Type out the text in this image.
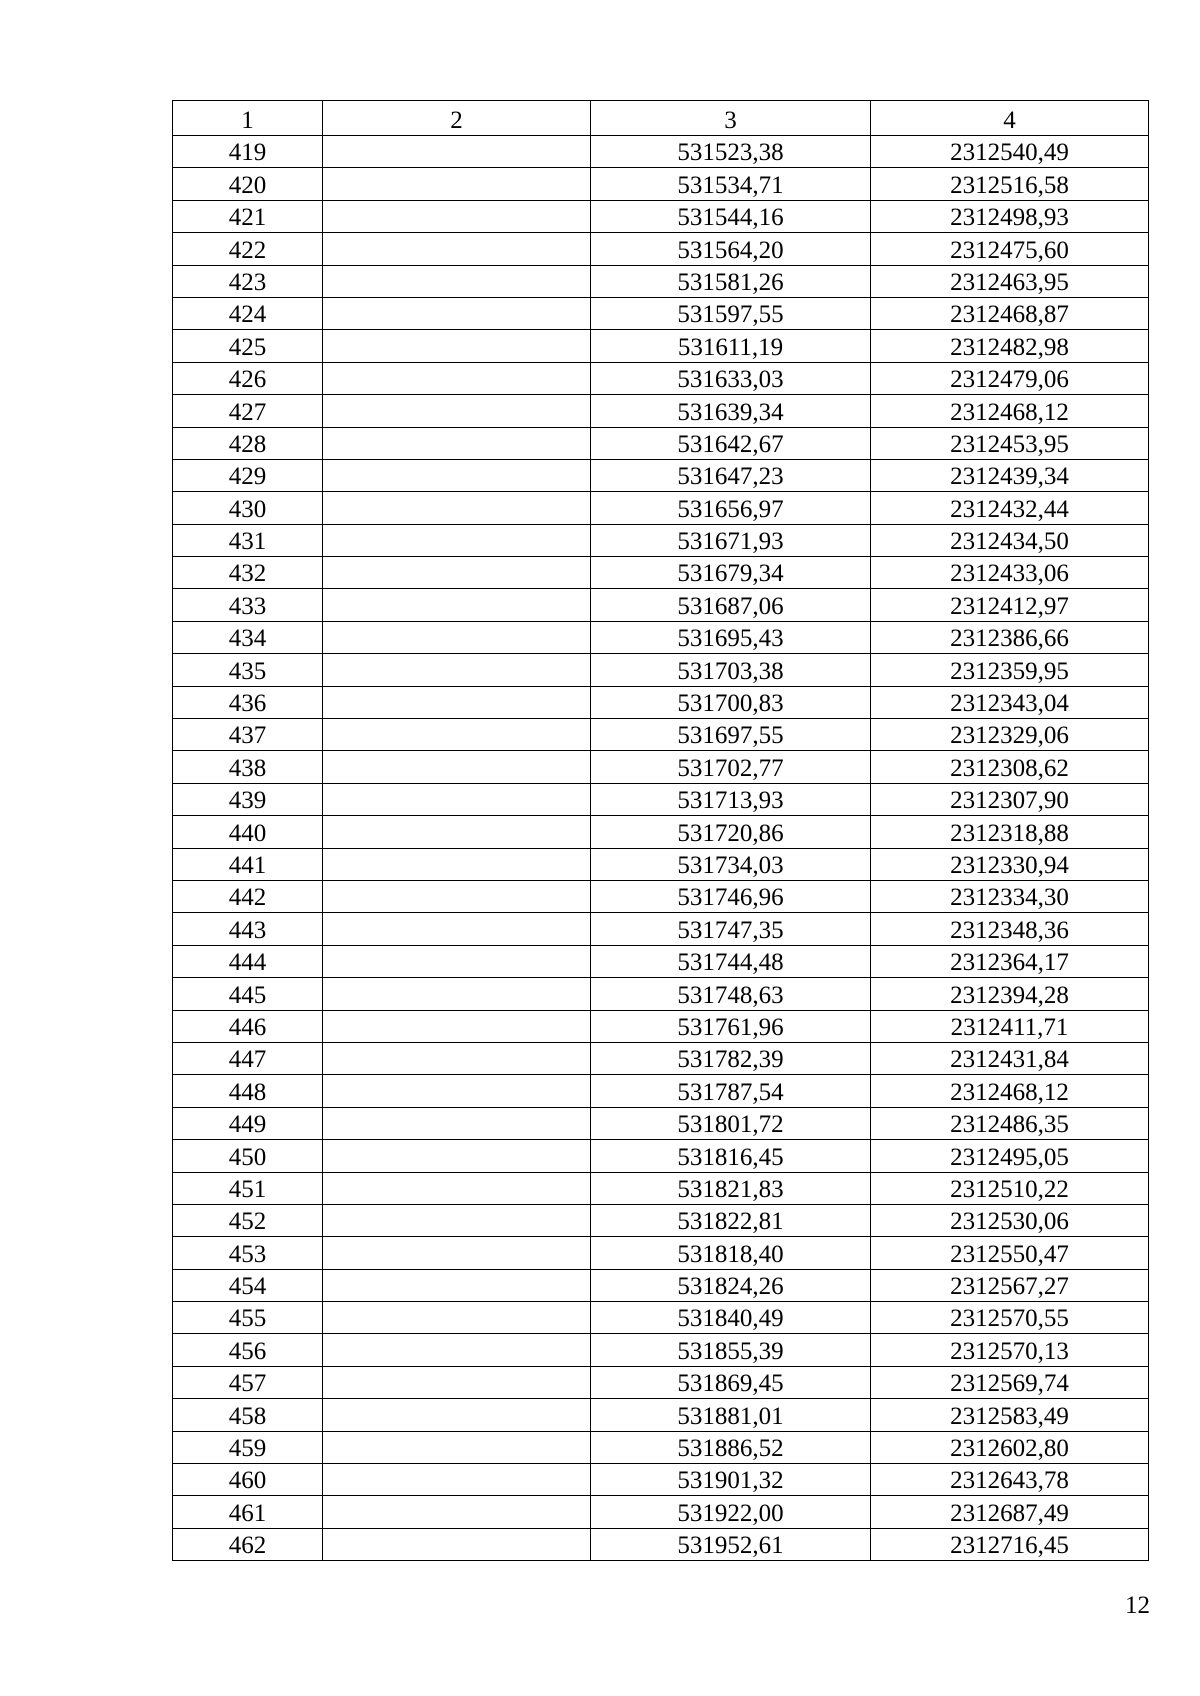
1	2	3	4
419		531523,38	2312540,49
420		531534,71	2312516,58
421		531544,16	2312498,93
422		531564,20	2312475,60
423		531581,26	2312463,95
424		531597,55	2312468,87
425		531611,19	2312482,98
426		531633,03	2312479,06
427		531639,34	2312468,12
428		531642,67	2312453,95
429		531647,23	2312439,34
430		531656,97	2312432,44
431		531671,93	2312434,50
432		531679,34	2312433,06
433		531687,06	2312412,97
434		531695,43	2312386,66
435		531703,38	2312359,95
436		531700,83	2312343,04
437		531697,55	2312329,06
438		531702,77	2312308,62
439		531713,93	2312307,90
440		531720,86	2312318,88
441		531734,03	2312330,94
442		531746,96	2312334,30
443		531747,35	2312348,36
444		531744,48	2312364,17
445		531748,63	2312394,28
446		531761,96	2312411,71
447		531782,39	2312431,84
448		531787,54	2312468,12
449		531801,72	2312486,35
450		531816,45	2312495,05
451		531821,83	2312510,22
452		531822,81	2312530,06
453		531818,40	2312550,47
454		531824,26	2312567,27
455		531840,49	2312570,55
456		531855,39	2312570,13
457		531869,45	2312569,74
458		531881,01	2312583,49
459		531886,52	2312602,80
460		531901,32	2312643,78
461		531922,00	2312687,49
462		531952,61	2312716,45
12
